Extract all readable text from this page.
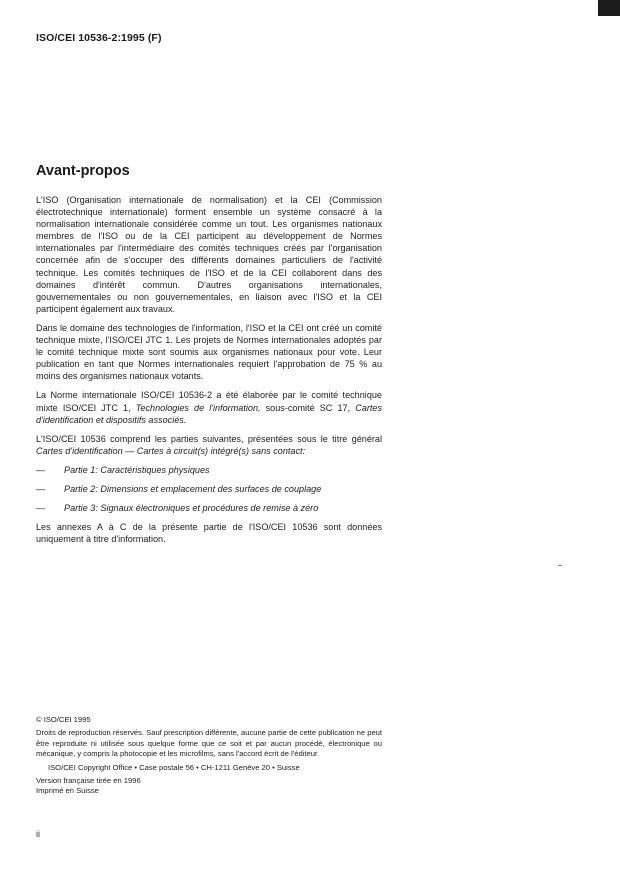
ISO/CEI 10536-2:1995 (F)
Avant-propos

L'ISO (Organisation internationale de normalisation) et la CEI (Commission électrotechnique internationale) forment ensemble un système consacré à la normalisation internationale considérée comme un tout. Les organismes nationaux membres de l'ISO ou de la CEI participent au développement de Normes internationales par l'intermédiaire des comités techniques créés par l'organisation concernée afin de s'occuper des différents domaines particuliers de l'activité technique. Les comités techniques de l'ISO et de la CEI collaborent dans des domaines d'intérêt commun. D'autres organisations internationales, gouvernementales ou non gouvernementales, en liaison avec l'ISO et la CEI participent également aux travaux.

Dans le domaine des technologies de l'information, l'ISO et la CEI ont créé un comité technique mixte, l'ISO/CEI JTC 1. Les projets de Normes internationales adoptés par le comité technique mixte sont soumis aux organismes nationaux pour vote. Leur publication en tant que Normes internationales requiert l'approbation de 75 % au moins des organismes nationaux votants.

La Norme internationale ISO/CEI 10536-2 a été élaborée par le comité technique mixte ISO/CEI JTC 1, Technologies de l'information, sous-comité SC 17, Cartes d'identification et dispositifs associés.

L'ISO/CEI 10536 comprend les parties suivantes, présentées sous le titre général Cartes d'identification — Cartes à circuit(s) intégré(s) sans contact:

—	Partie 1: Caractéristiques physiques
—	Partie 2: Dimensions et emplacement des surfaces de couplage
—	Partie 3: Signaux électroniques et procédures de remise à zéro

Les annexes A à C de la présente partie de l'ISO/CEI 10536 sont données uniquement à titre d'information.

© ISO/CEI 1995

Droits de reproduction réservés. Sauf prescription différente, aucune partie de cette publication ne peut être reproduite ni utilisée sous quelque forme que ce soit et par aucun procédé, électronique ou mécanique, y compris la photocopie et les microfilms, sans l'accord écrit de l'éditeur.

ISO/CEI Copyright Office • Case postale 56 • CH-1211 Genève 20 • Suisse

Version française tirée en 1996

Imprimé en Suisse

ii
